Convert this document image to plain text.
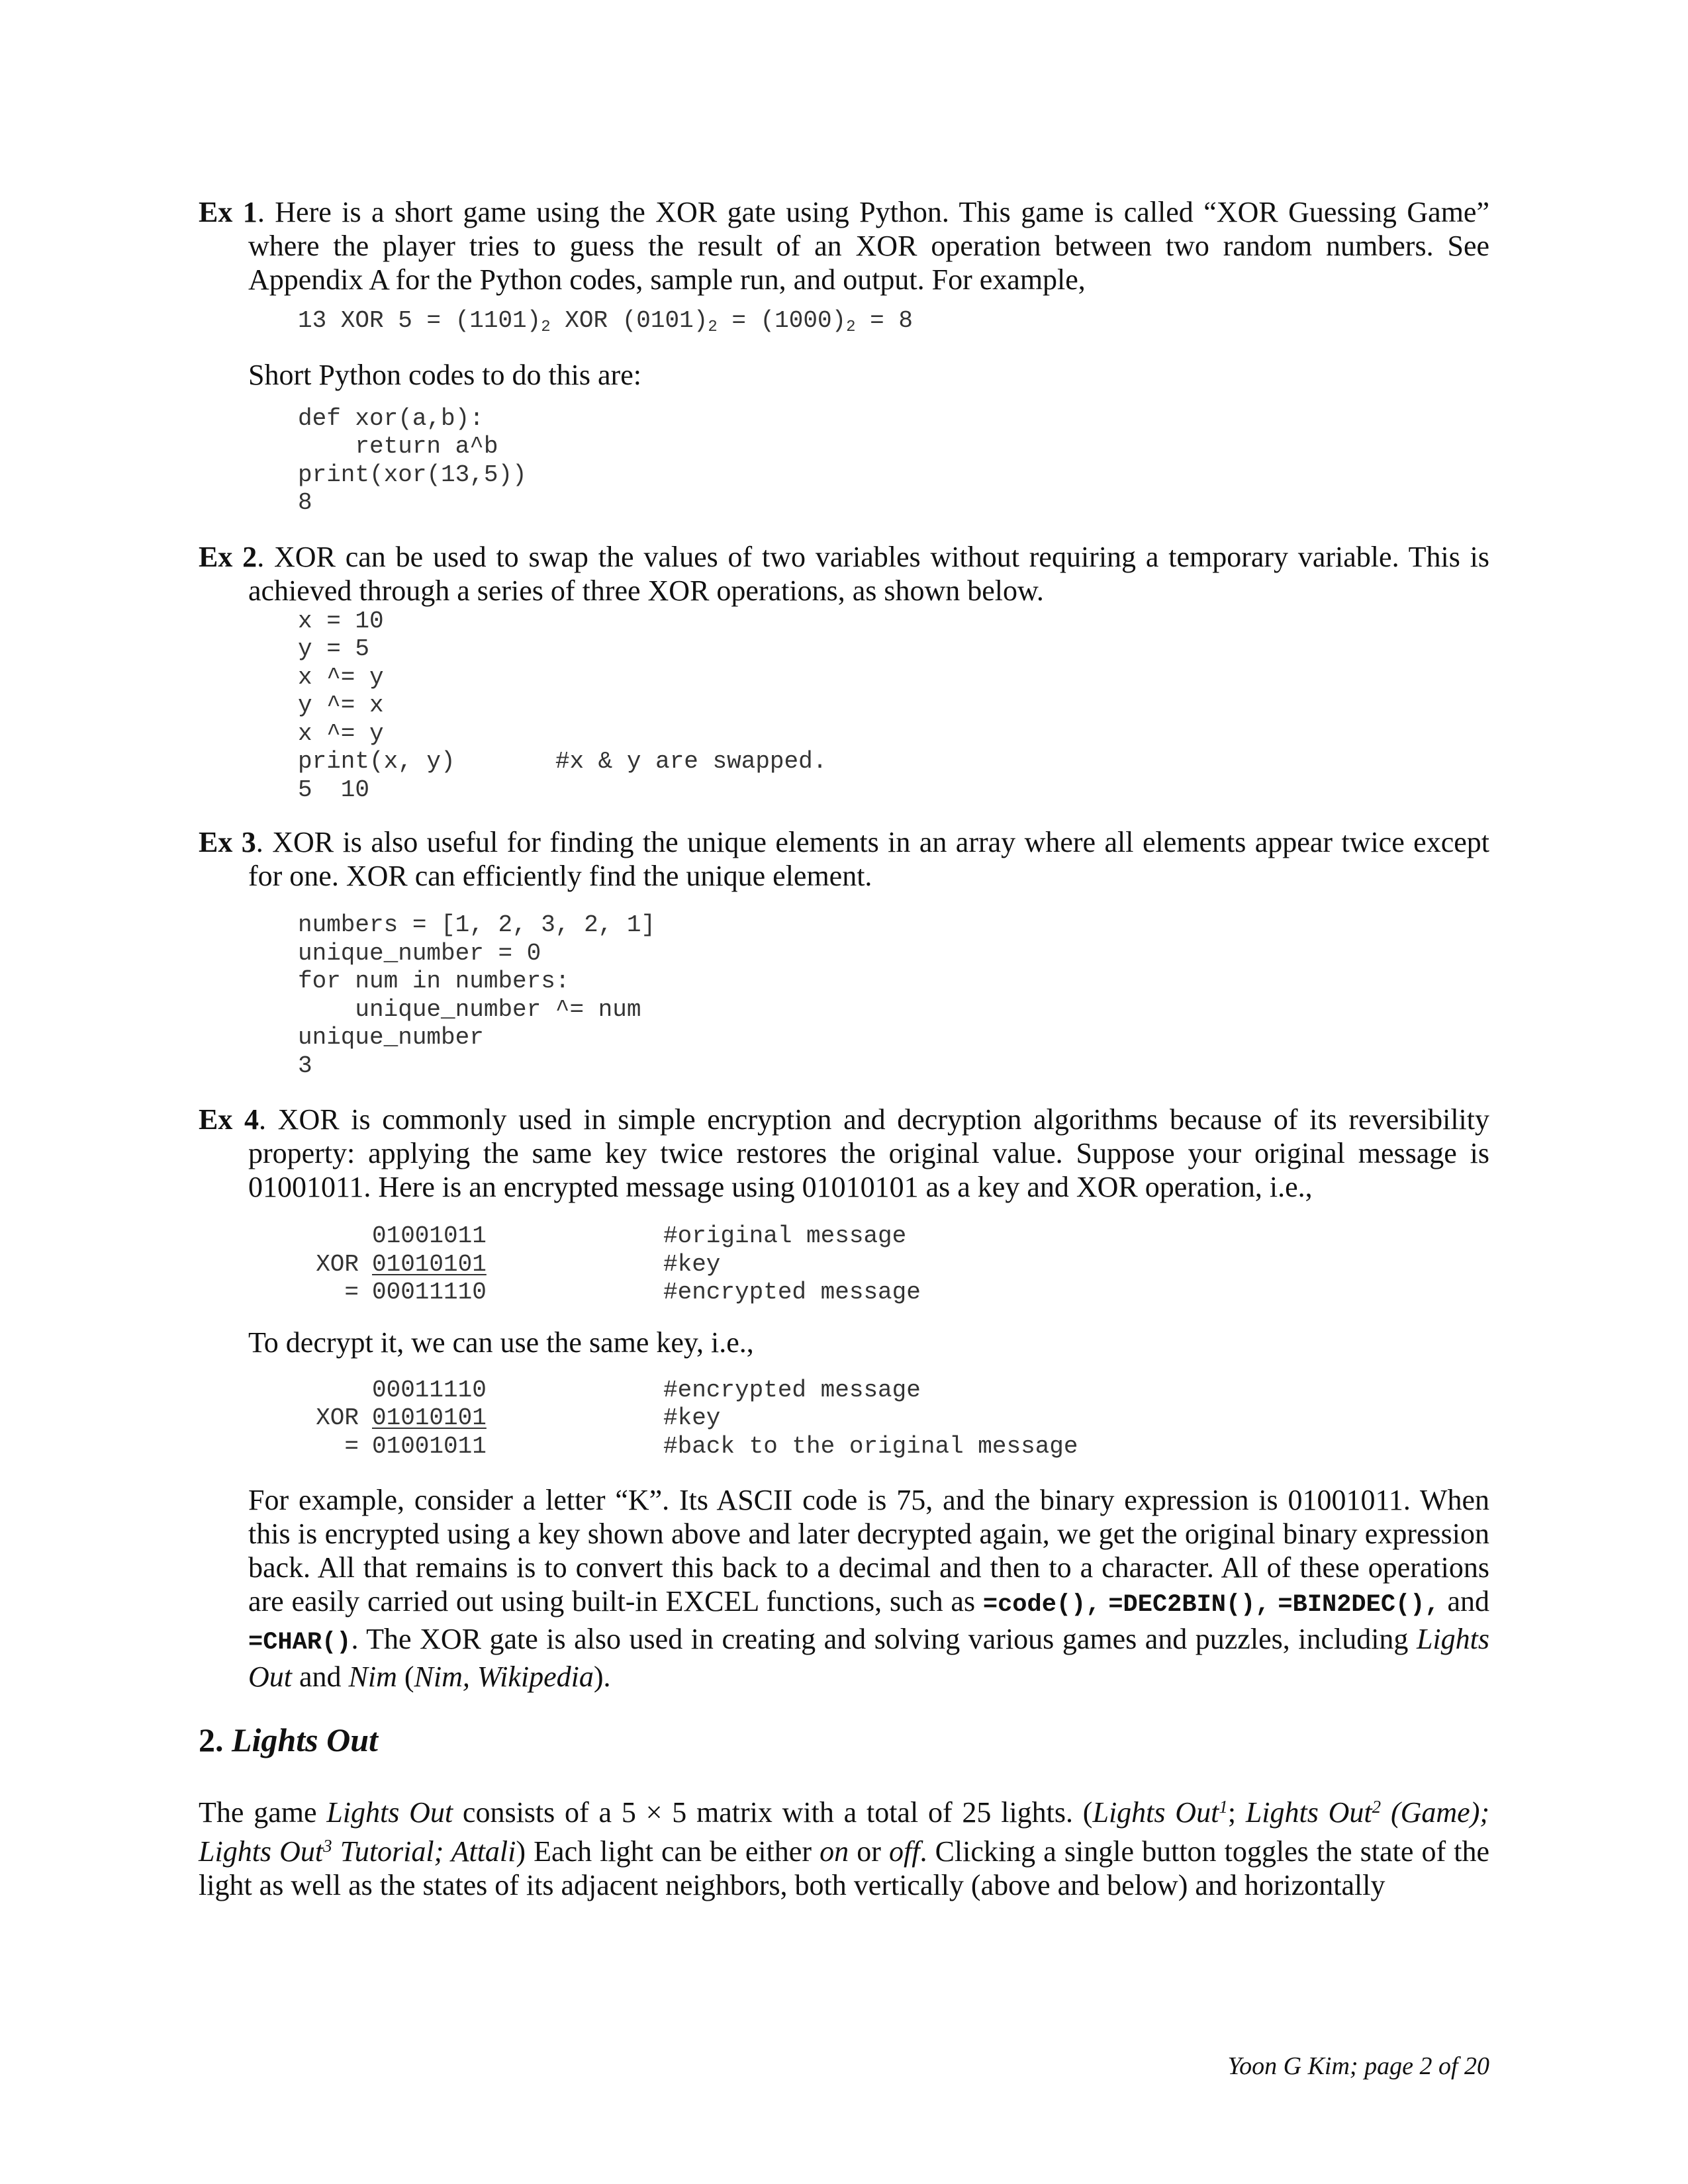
Ex 1. Here is a short game using the XOR gate using Python. This game is called “XOR Guessing Game” where the player tries to guess the result of an XOR operation between two random numbers. See Appendix A for the Python codes, sample run, and output. For example,

13 XOR $5 = (1101)_2$ XOR $(0101)_2 = (1000)_2 = 8$

Short Python codes to do this are:

def xor(a,b):
return a^b
print(xor(13,5))
8

Ex 2. XOR can be used to swap the values of two variables without requiring a temporary variable. This is achieved through a series of three XOR operations, as shown below.

x = 10
y = 5
x ^= y
y ^= x
x ^= y
print(x, y)       #x & y are swapped.
5  10

Ex 3. XOR is also useful for finding the unique elements in an array where all elements appear twice except for one. XOR can efficiently find the unique element.

numbers = [1, 2, 3, 2, 1]
unique_number = 0
for num in numbers:
unique_number ^= num
unique_number
3

Ex 4. XOR is commonly used in simple encryption and decryption algorithms because of its reversibility property: applying the same key twice restores the original value. Suppose your original message is 01001011. Here is an encrypted message using 01010101 as a key and XOR operation, i.e.,

01001011	#original message
XOR 01010101	#key
= 00011110	#encrypted message

To decrypt it, we can use the same key, i.e.,

00011110	#encrypted message
XOR 01010101	#key
= 01001011	#back to the original message

For example, consider a letter “K”. Its ASCII code is 75, and the binary expression is 01001011. When this is encrypted using a key shown above and later decrypted again, we get the original binary expression back. All that remains is to convert this back to a decimal and then to a character. All of these operations are easily carried out using built-in EXCEL functions, such as =code(), =DEC2BIN(), =BIN2DEC(), and =CHAR(). The XOR gate is also used in creating and solving various games and puzzles, including Lights Out and Nim (Nim, Wikipedia).

2. Lights Out

The game Lights Out consists of a 5 × 5 matrix with a total of 25 lights. (Lights Out$^1$; Lights Out$^2$ (Game); Lights Out$^3$ Tutorial; Attali) Each light can be either on or off. Clicking a single button toggles the state of the light as well as the states of its adjacent neighbors, both vertically (above and below) and horizontally

Yoon G Kim; page 2 of 20
